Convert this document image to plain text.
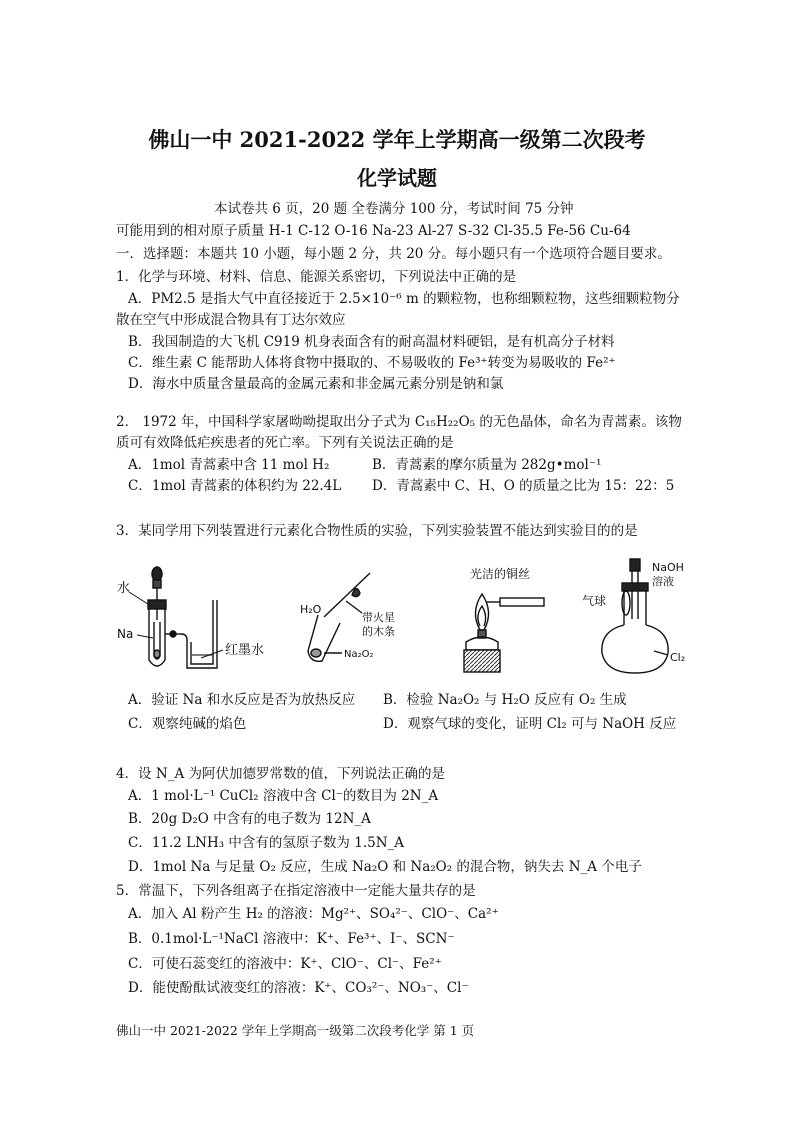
佛山一中 2021-2022 学年上学期高一级第二次段考
化学试题
本试卷共 6 页，20 题 全卷满分 100 分，考试时间 75 分钟
可能用到的相对原子质量 H-1 C-12 O-16 Na-23 Al-27 S-32 Cl-35.5 Fe-56 Cu-64
一．选择题：本题共 10 小题，每小题 2 分，共 20 分。每小题只有一个选项符合题目要求。
1．化学与环境、材料、信息、能源关系密切，下列说法中正确的是
A．PM2.5 是指大气中直径接近于 2.5×10⁻⁶ m 的颗粒物，也称细颗粒物，这些细颗粒物分
散在空气中形成混合物具有丁达尔效应
B．我国制造的大飞机 C919 机身表面含有的耐高温材料硬铝，是有机高分子材料
C．维生素 C 能帮助人体将食物中摄取的、不易吸收的 Fe³⁺转变为易吸收的 Fe²⁺
D．海水中质量含量最高的金属元素和非金属元素分别是钠和氯
2． 1972 年，中国科学家屠呦呦提取出分子式为 C₁₅H₂₂O₅ 的无色晶体，命名为青蒿素。该物
质可有效降低疟疾患者的死亡率。下列有关说法正确的是
A．1mol 青蒿素中含 11 mol H₂	B．青蒿素的摩尔质量为 282g•mol⁻¹
C．1mol 青蒿素的体积约为 22.4L D．青蒿素中 C、H、O 的质量之比为 15：22：5
3．某同学用下列装置进行元素化合物性质的实验，下列实验装置不能达到实验目的的是
水
Na
红墨水
H₂O
带火星
的木条
Na₂O₂
光洁的铜丝	NaOH
溶液
气球
Cl₂
A．验证 Na 和水反应是否为放热反应 B．检验 Na₂O₂ 与 H₂O 反应有 O₂ 生成
C．观察纯碱的焰色	D．观察气球的变化，证明 Cl₂ 可与 NaOH 反应
4．设 N_A 为阿伏加德罗常数的值，下列说法正确的是
A．1 mol·L⁻¹ CuCl₂ 溶液中含 Cl⁻的数目为 2N_A
B．20g D₂O 中含有的电子数为 12N_A
C．11.2 LNH₃ 中含有的氢原子数为 1.5N_A
D．1mol Na 与足量 O₂ 反应，生成 Na₂O 和 Na₂O₂ 的混合物，钠失去 N_A 个电子
5．常温下，下列各组离子在指定溶液中一定能大量共存的是
A．加入 Al 粉产生 H₂ 的溶液：Mg²⁺、SO₄²⁻、ClO⁻、Ca²⁺
B．0.1mol·L⁻¹NaCl 溶液中：K⁺、Fe³⁺、I⁻、SCN⁻
C．可使石蕊变红的溶液中：K⁺、ClO⁻、Cl⁻、Fe²⁺
D．能使酚酞试液变红的溶液：K⁺、CO₃²⁻、NO₃⁻、Cl⁻
佛山一中 2021-2022 学年上学期高一级第二次段考化学 第 1 页
